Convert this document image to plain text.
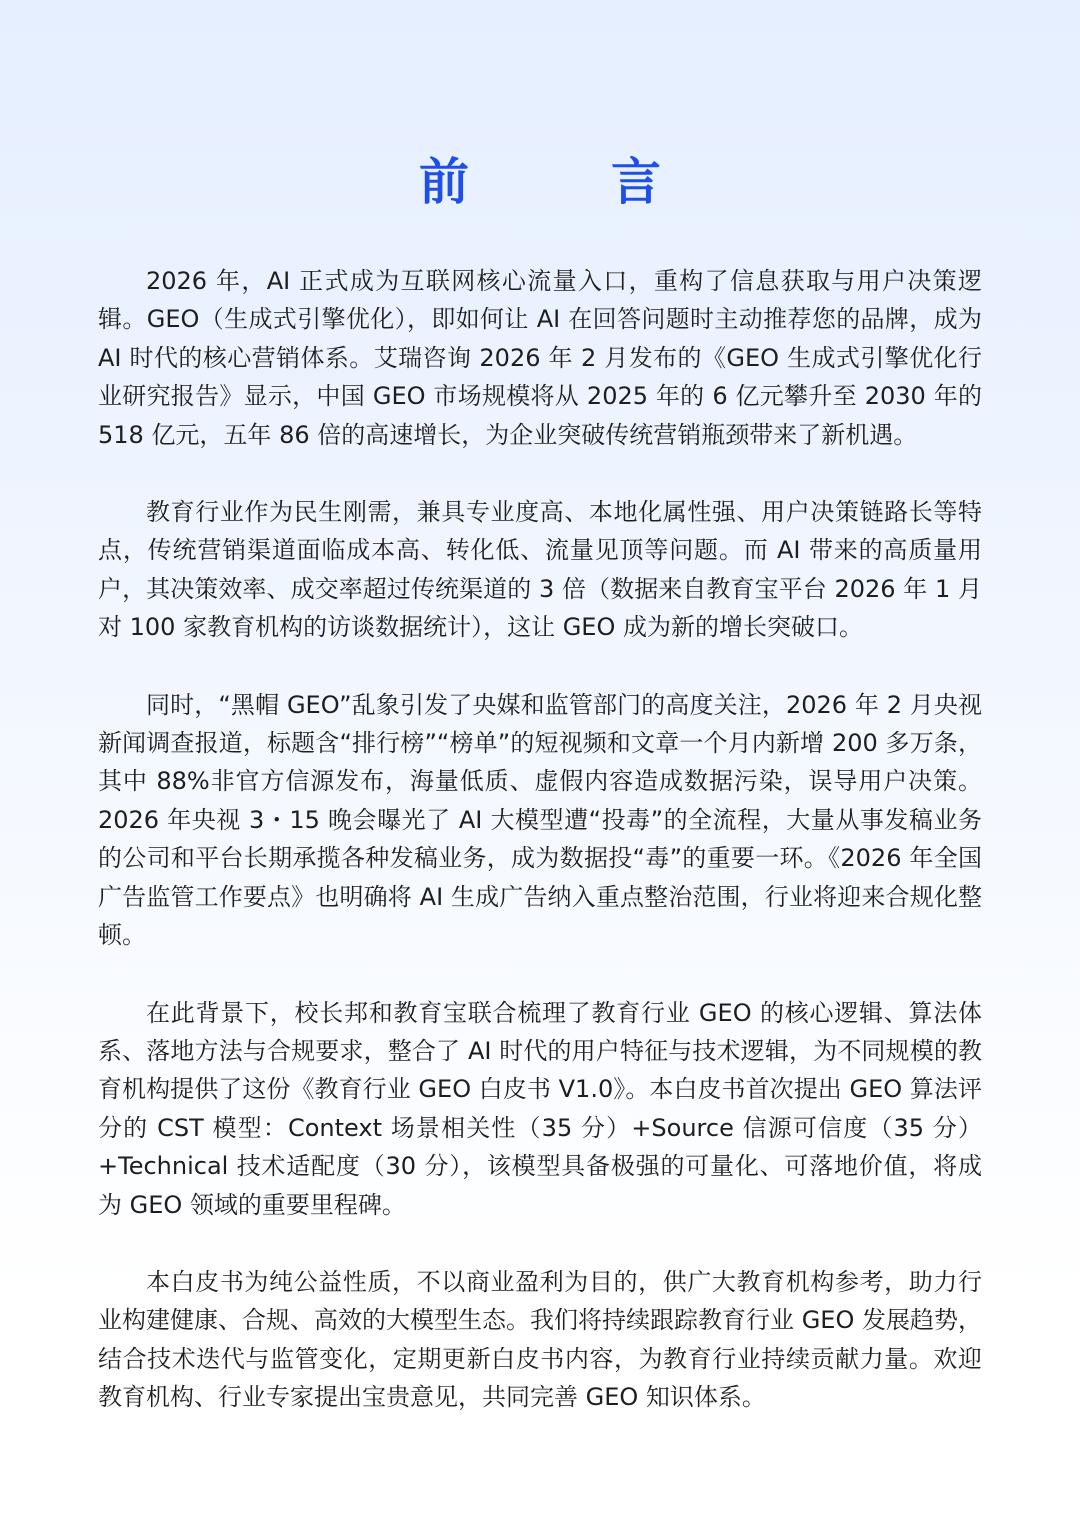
前　言

2026 年，AI 正式成为互联网核心流量入口，重构了信息获取与用户决策逻辑。GEO（生成式引擎优化），即如何让 AI 在回答问题时主动推荐您的品牌，成为 AI 时代的核心营销体系。艾瑞咨询 2026 年 2 月发布的《GEO 生成式引擎优化行业研究报告》显示，中国 GEO 市场规模将从 2025 年的 6 亿元攀升至 2030 年的 518 亿元，五年 86 倍的高速增长，为企业突破传统营销瓶颈带来了新机遇。

教育行业作为民生刚需，兼具专业度高、本地化属性强、用户决策链路长等特点，传统营销渠道面临成本高、转化低、流量见顶等问题。而 AI 带来的高质量用户，其决策效率、成交率超过传统渠道的 3 倍（数据来自教育宝平台 2026 年 1 月对 100 家教育机构的访谈数据统计），这让 GEO 成为新的增长突破口。

同时，“黑帽 GEO”乱象引发了央媒和监管部门的高度关注，2026 年 2 月央视新闻调查报道，标题含“排行榜”“榜单”的短视频和文章一个月内新增 200 多万条，其中 88%非官方信源发布，海量低质、虚假内容造成数据污染，误导用户决策。2026 年央视 3・15 晚会曝光了 AI 大模型遭“投毒”的全流程，大量从事发稿业务的公司和平台长期承揽各种发稿业务，成为数据投“毒”的重要一环。《2026 年全国广告监管工作要点》也明确将 AI 生成广告纳入重点整治范围，行业将迎来合规化整顿。

在此背景下，校长邦和教育宝联合梳理了教育行业 GEO 的核心逻辑、算法体系、落地方法与合规要求，整合了 AI 时代的用户特征与技术逻辑，为不同规模的教育机构提供了这份《教育行业 GEO 白皮书 V1.0》。本白皮书首次提出 GEO 算法评分的 CST 模型：Context 场景相关性（35 分）+Source 信源可信度（35 分）+Technical 技术适配度（30 分），该模型具备极强的可量化、可落地价值，将成为 GEO 领域的重要里程碑。

本白皮书为纯公益性质，不以商业盈利为目的，供广大教育机构参考，助力行业构建健康、合规、高效的大模型生态。我们将持续跟踪教育行业 GEO 发展趋势，结合技术迭代与监管变化，定期更新白皮书内容，为教育行业持续贡献力量。欢迎教育机构、行业专家提出宝贵意见，共同完善 GEO 知识体系。
